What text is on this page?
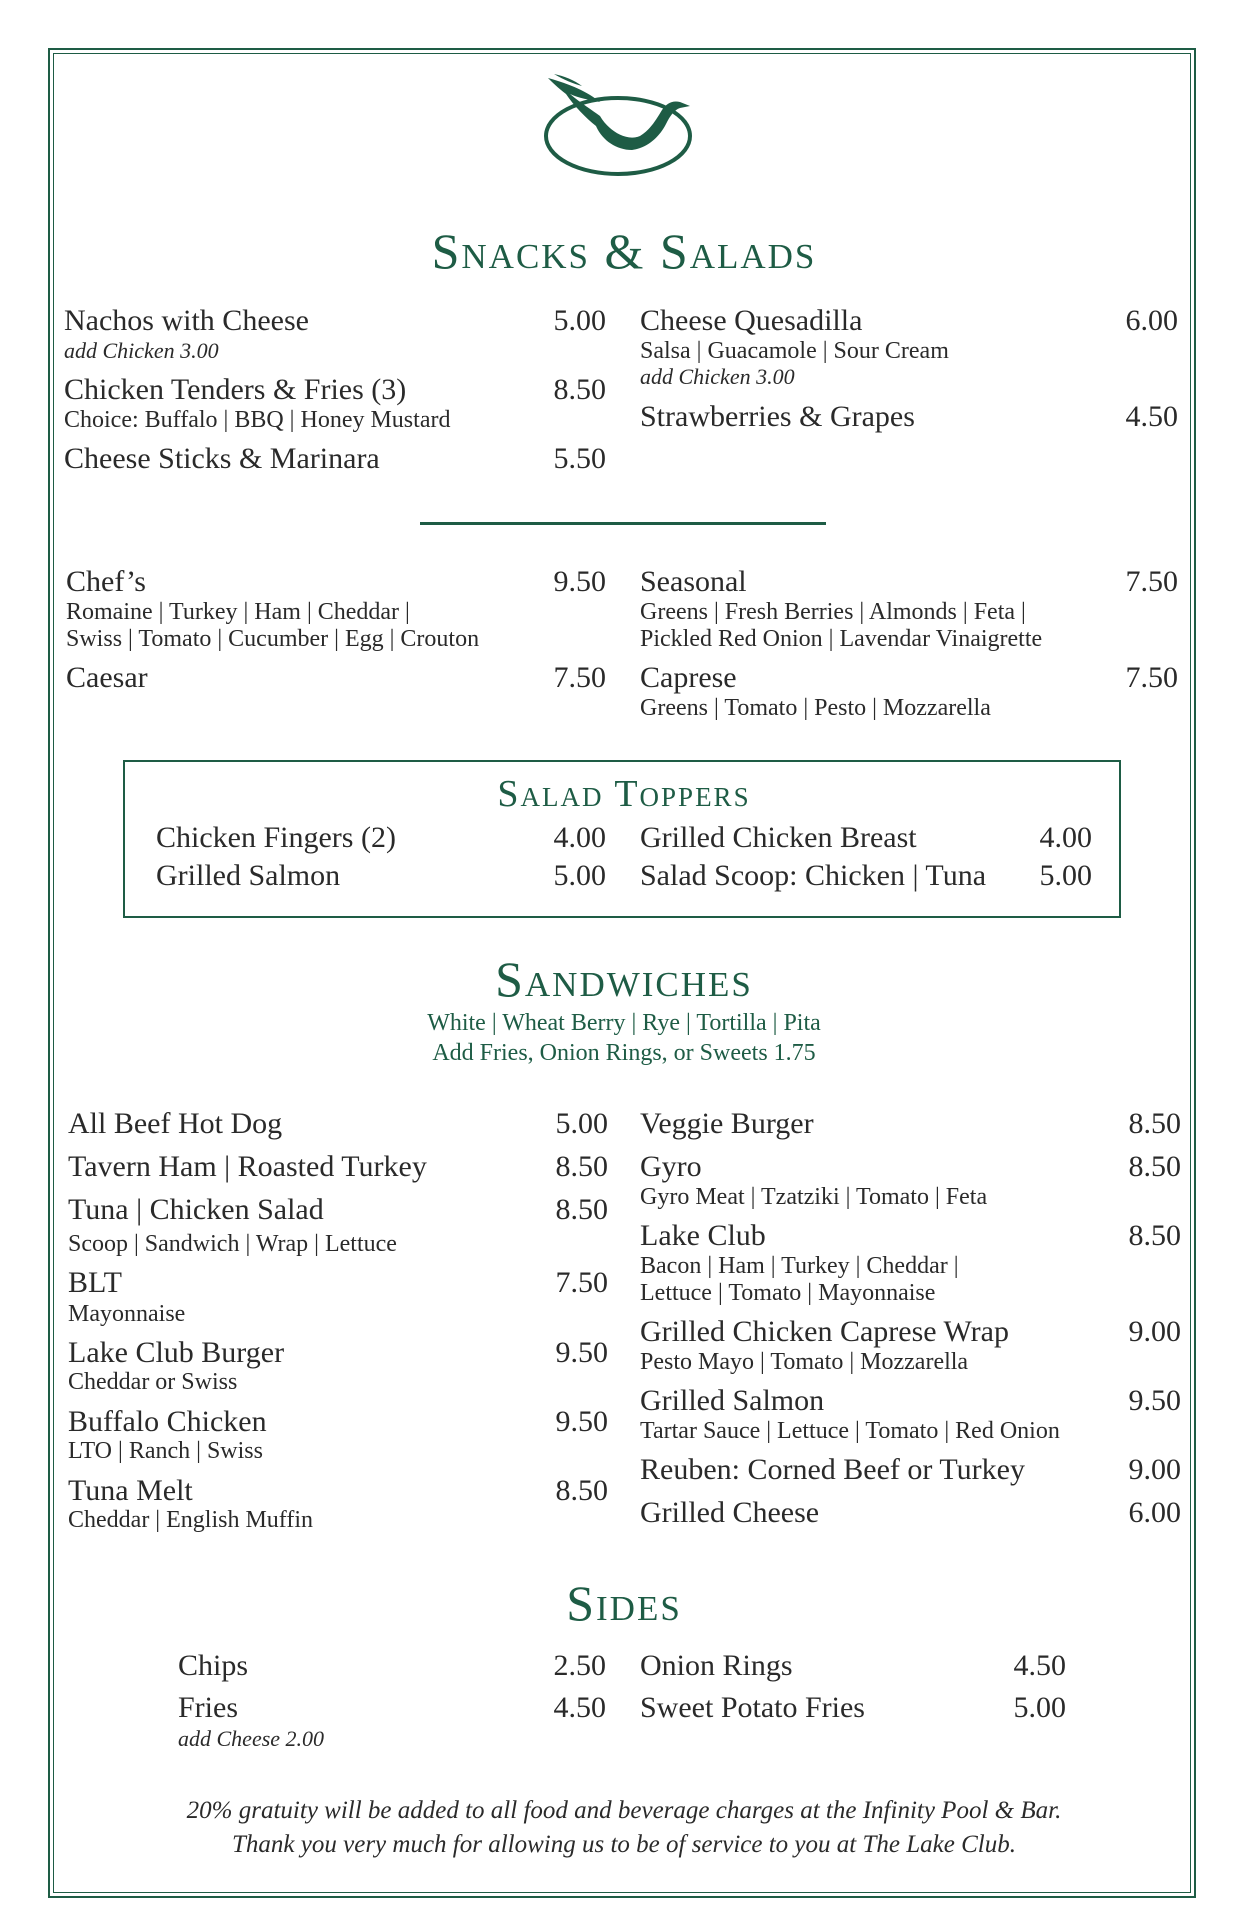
Snacks & Salads
Nachos with Cheese	5.00
add Chicken 3.00
Chicken Tenders & Fries (3)	8.50
Choice: Buffalo | BBQ | Honey Mustard
Cheese Sticks & Marinara	5.50
Cheese Quesadilla	6.00
Salsa | Guacamole | Sour Cream
add Chicken 3.00
Strawberries & Grapes	4.50
Chef’s	9.50
Romaine | Turkey | Ham | Cheddar |
Swiss | Tomato | Cucumber | Egg | Crouton
Caesar	7.50
Seasonal	7.50
Greens | Fresh Berries | Almonds | Feta |
Pickled Red Onion | Lavendar Vinaigrette
Caprese	7.50
Greens | Tomato | Pesto | Mozzarella
Salad Toppers
Chicken Fingers (2)	4.00
Grilled Salmon	5.00
Grilled Chicken Breast	4.00
Salad Scoop: Chicken | Tuna	5.00
Sandwiches
White | Wheat Berry | Rye | Tortilla | Pita
Add Fries, Onion Rings, or Sweets 1.75
All Beef Hot Dog	5.00
Tavern Ham | Roasted Turkey	8.50
Tuna | Chicken Salad	8.50
Scoop | Sandwich | Wrap | Lettuce
BLT	7.50
Mayonnaise
Lake Club Burger	9.50
Cheddar or Swiss
Buffalo Chicken	9.50
LTO | Ranch | Swiss
Tuna Melt	8.50
Cheddar | English Muffin
Veggie Burger	8.50
Gyro	8.50
Gyro Meat | Tzatziki | Tomato | Feta
Lake Club	8.50
Bacon | Ham | Turkey | Cheddar |
Lettuce | Tomato | Mayonnaise
Grilled Chicken Caprese Wrap	9.00
Pesto Mayo | Tomato | Mozzarella
Grilled Salmon	9.50
Tartar Sauce | Lettuce | Tomato | Red Onion
Reuben: Corned Beef or Turkey	9.00
Grilled Cheese	6.00
Sides
Chips	2.50
Fries	4.50
add Cheese 2.00
Onion Rings	4.50
Sweet Potato Fries	5.00
20% gratuity will be added to all food and beverage charges at the Infinity Pool & Bar.
Thank you very much for allowing us to be of service to you at The Lake Club.
